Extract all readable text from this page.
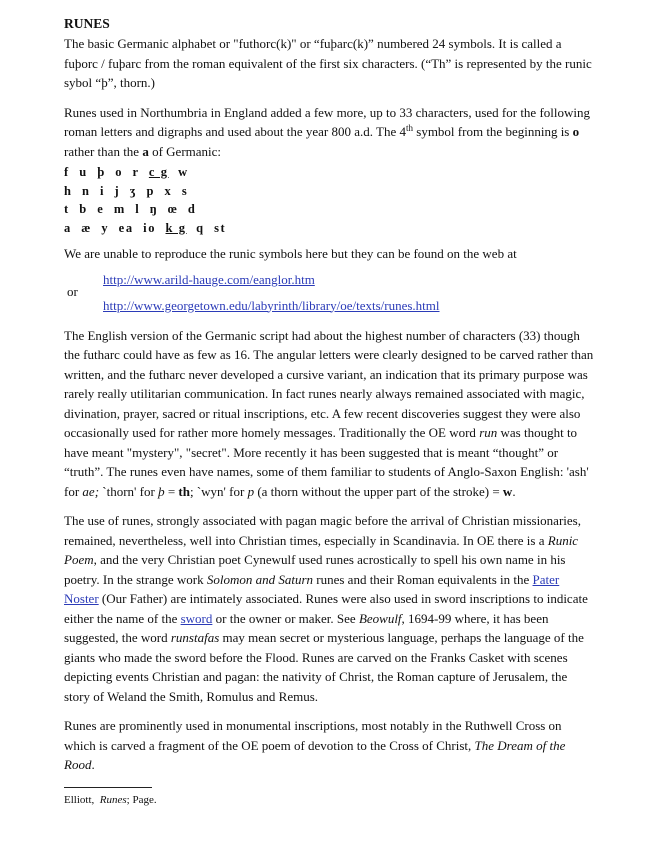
RUNES

The basic Germanic alphabet or "futhorc(k)" or “fuþarc(k)” numbered 24 symbols. It is called a fuþorc / fuþarc from the roman equivalent of the first six characters. (“Th” is represented by the runic sybol “þ”, thorn.)

Runes used in Northumbria in England added a few more, up to 33 characters, used for the following roman letters and digraphs and used about the year 800 a.d. The 4th symbol from the beginning is o rather than the a of Germanic:

f  u  þ  o  r  c g  w
h  n  i  j  ʒ  p  x  s
t  b  e  m  l  ŋ  œ  d
a  æ  y  ea  io  k g  q  st

We are unable to reproduce the runic symbols here but they can be found on the web at

http://www.arild-hauge.com/eanglor.htm
or
http://www.georgetown.edu/labyrinth/library/oe/texts/runes.html

The English version of the Germanic script had about the highest number of characters (33) though the futharc could have as few as 16. The angular letters were clearly designed to be carved rather than written, and the futharc never developed a cursive variant, an indication that its primary purpose was rarely really utilitarian communication. In fact runes nearly always remained associated with magic, divination, prayer, sacred or ritual inscriptions, etc. A few recent discoveries suggest they were also occasionally used for rather more homely messages. Traditionally the OE word run was thought to have meant "mystery", "secret". More recently it has been suggested that is meant “thought” or “truth”. The runes even have names, some of them familiar to students of Anglo-Saxon English: 'ash' for ae; `thorn' for þ = th; `wyn' for p (a thorn without the upper part of the stroke) = w.

The use of runes, strongly associated with pagan magic before the arrival of Christian missionaries, remained, nevertheless, well into Christian times, especially in Scandinavia. In OE there is a Runic Poem, and the very Christian poet Cynewulf used runes acrostically to spell his own name in his poetry. In the strange work Solomon and Saturn runes and their Roman equivalents in the Pater Noster (Our Father) are intimately associated. Runes were also used in sword inscriptions to indicate either the name of the sword or the owner or maker. See Beowulf, 1694-99 where, it has been suggested, the word runstafas may mean secret or mysterious language, perhaps the language of the giants who made the sword before the Flood. Runes are carved on the Franks Casket with scenes depicting events Christian and pagan: the nativity of Christ, the Roman capture of Jerusalem, the story of Weland the Smith, Romulus and Remus.

Runes are prominently used in monumental inscriptions, most notably in the Ruthwell Cross on which is carved a fragment of the OE poem of devotion to the Cross of Christ, The Dream of the Rood.

Elliott,  Runes; Page.
